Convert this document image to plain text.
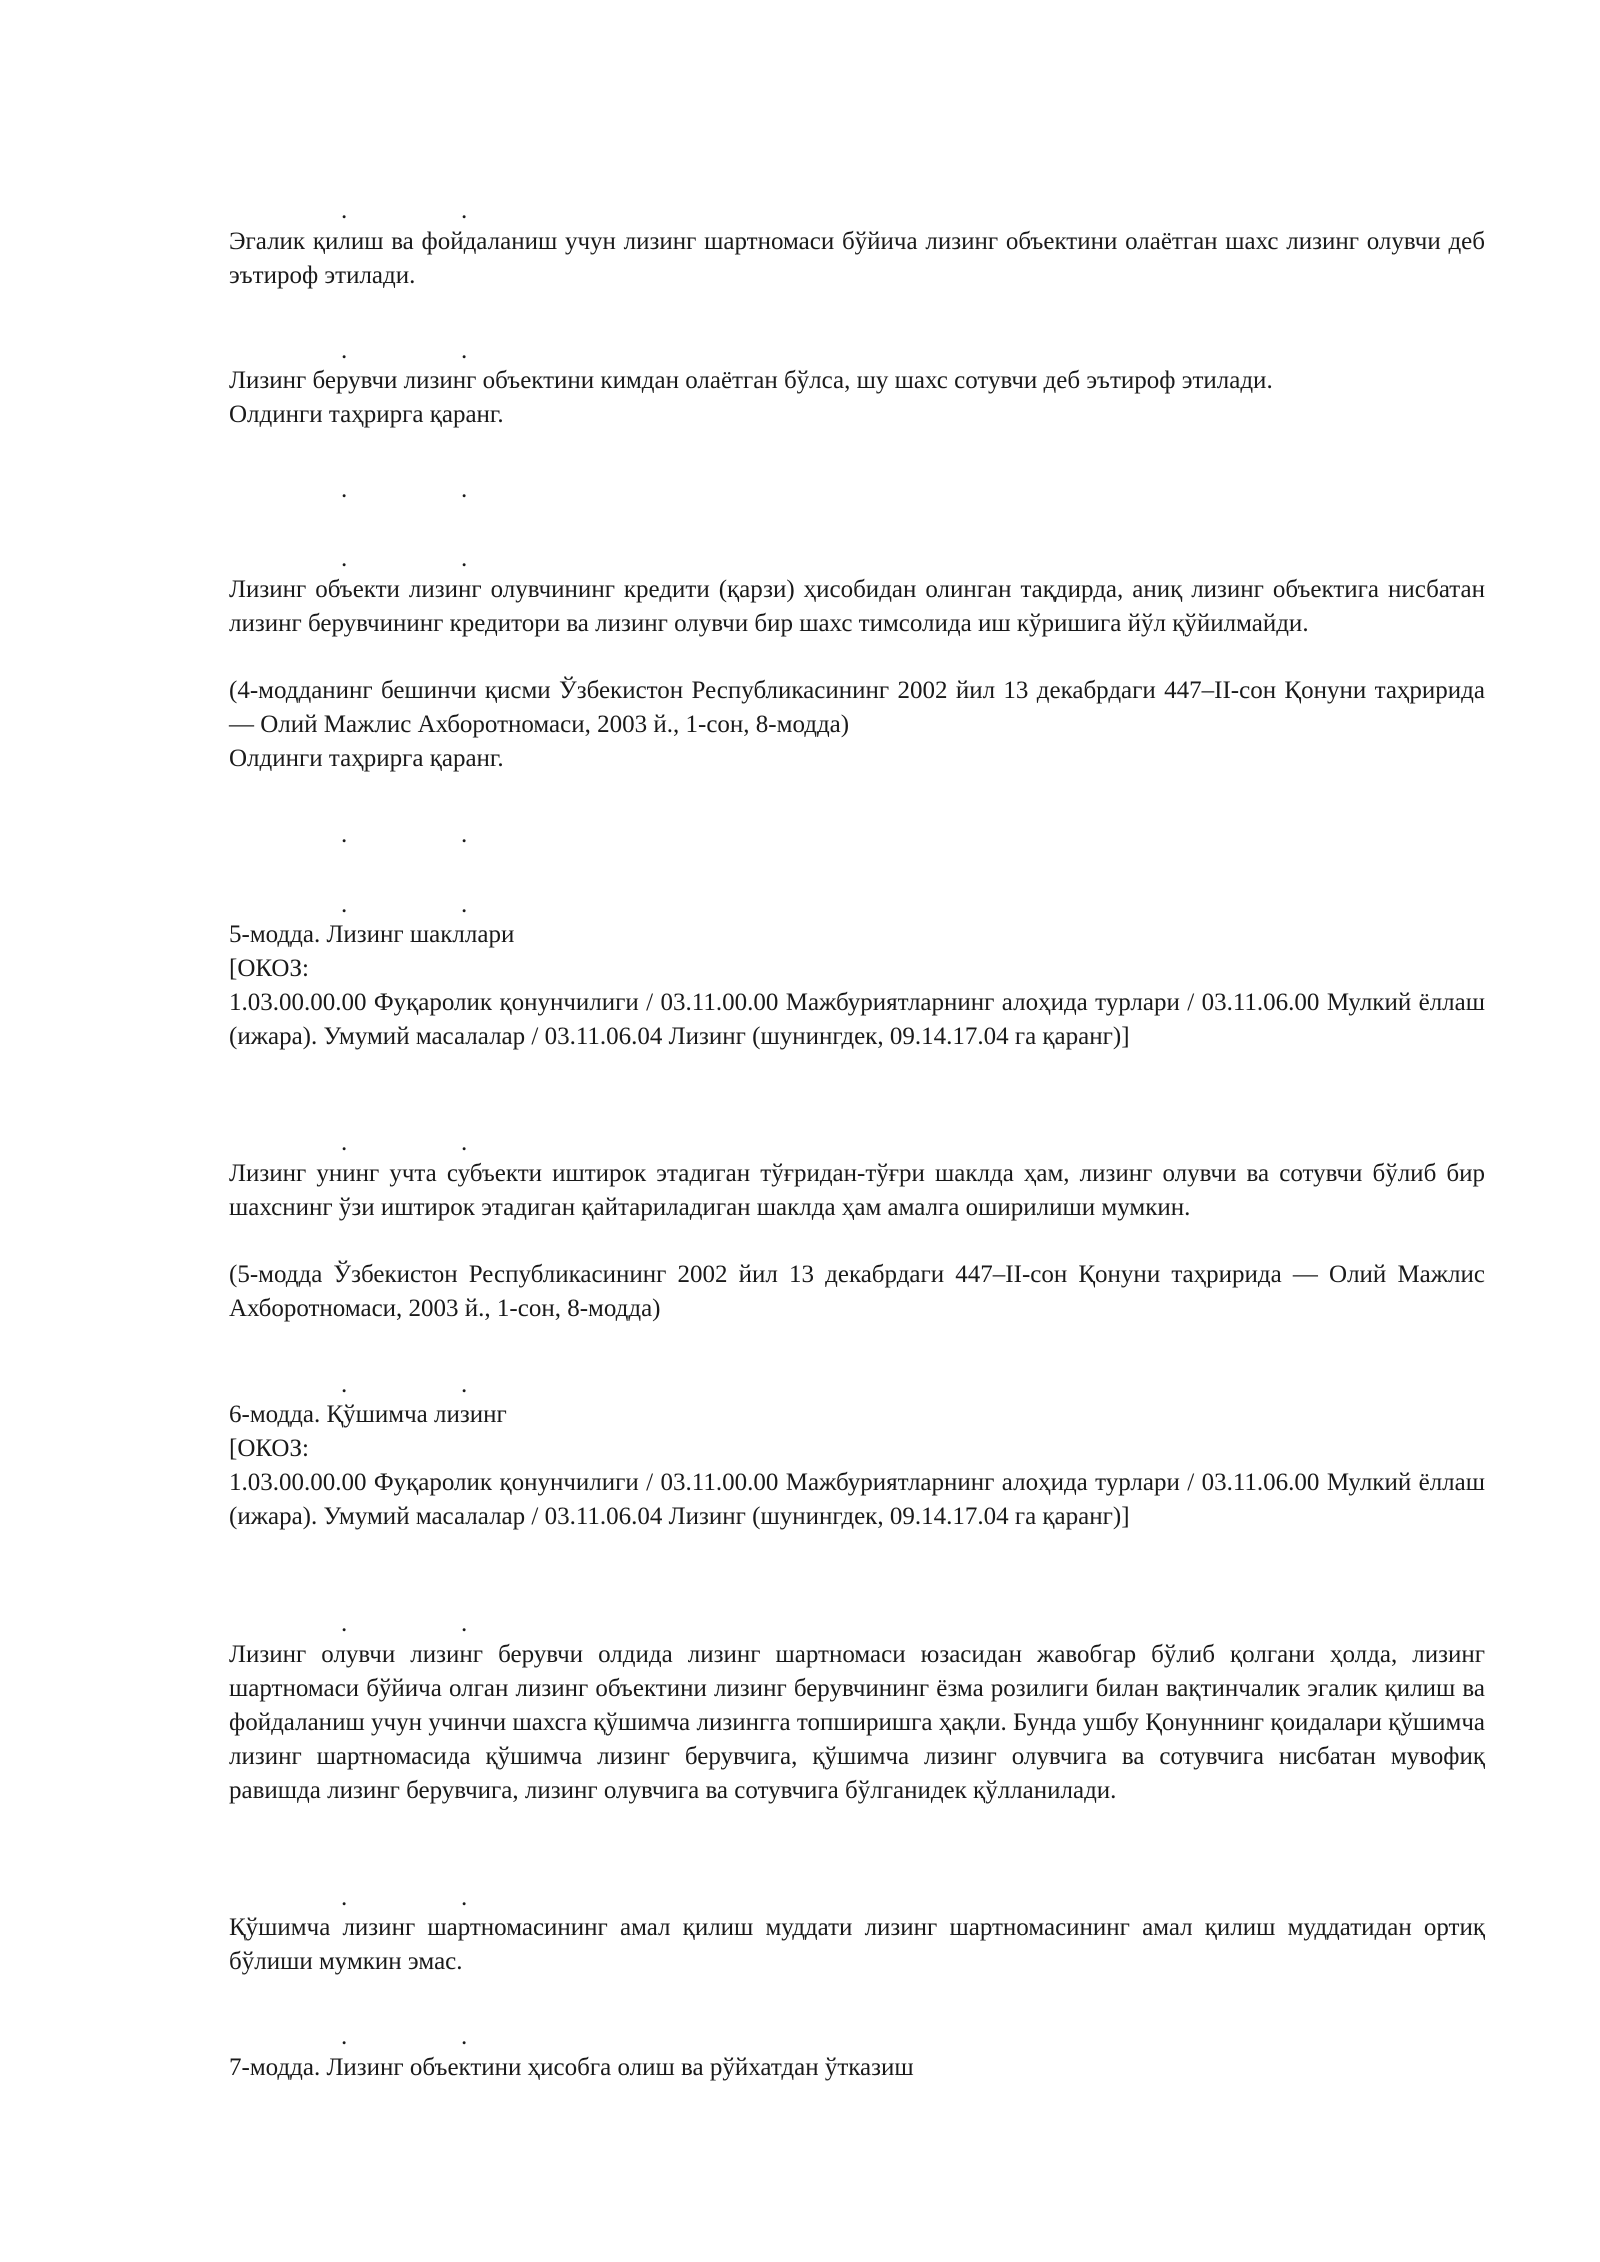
.	.

Эгалик қилиш ва фойдаланиш учун лизинг шартномаси бўйича лизинг объектини олаётган шахс лизинг олувчи деб эътироф этилади.

.	.

Лизинг берувчи лизинг объектини кимдан олаётган бўлса, шу шахс сотувчи деб эътироф этилади.

Олдинги таҳрирга қаранг.

.	.
.	.

Лизинг объекти лизинг олувчининг кредити (қарзи) ҳисобидан олинган тақдирда, аниқ лизинг объектига нисбатан лизинг берувчининг кредитори ва лизинг олувчи бир шахс тимсолида иш кўришига йўл қўйилмайди.

(4-модданинг бешинчи қисми Ўзбекистон Республикасининг 2002 йил 13 декабрдаги 447–II-сон Қонуни таҳририда — Олий Мажлис Ахборотномаси, 2003 й., 1-сон, 8-модда)

Олдинги таҳрирга қаранг.

.	.
.	.

5-модда. Лизинг шакллари

[ОКОЗ:

1.03.00.00.00 Фуқаролик қонунчилиги / 03.11.00.00 Мажбуриятларнинг алоҳида турлари / 03.11.06.00 Мулкий ёллаш (ижара). Умумий масалалар / 03.11.06.04 Лизинг (шунингдек, 09.14.17.04 га қаранг)]

.	.

Лизинг унинг учта субъекти иштирок этадиган тўғридан-тўғри шаклда ҳам, лизинг олувчи ва сотувчи бўлиб бир шахснинг ўзи иштирок этадиган қайтариладиган шаклда ҳам амалга оширилиши мумкин.

(5-модда Ўзбекистон Республикасининг 2002 йил 13 декабрдаги 447–II-сон Қонуни таҳририда — Олий Мажлис Ахборотномаси, 2003 й., 1-сон, 8-модда)

.	.

6-модда. Қўшимча лизинг

[ОКОЗ:

1.03.00.00.00 Фуқаролик қонунчилиги / 03.11.00.00 Мажбуриятларнинг алоҳида турлари / 03.11.06.00 Мулкий ёллаш (ижара). Умумий масалалар / 03.11.06.04 Лизинг (шунингдек, 09.14.17.04 га қаранг)]

.	.

Лизинг олувчи лизинг берувчи олдида лизинг шартномаси юзасидан жавобгар бўлиб қолгани ҳолда, лизинг шартномаси бўйича олган лизинг объектини лизинг берувчининг ёзма розилиги билан вақтинчалик эгалик қилиш ва фойдаланиш учун учинчи шахсга қўшимча лизингга топширишга ҳақли. Бунда ушбу Қонуннинг қоидалари қўшимча лизинг шартномасида қўшимча лизинг берувчига, қўшимча лизинг олувчига ва сотувчига нисбатан мувофиқ равишда лизинг берувчига, лизинг олувчига ва сотувчига бўлганидек қўлланилади.

.	.

Қўшимча лизинг шартномасининг амал қилиш муддати лизинг шартномасининг амал қилиш муддатидан ортиқ бўлиши мумкин эмас.

.	.

7-модда. Лизинг объектини ҳисобга олиш ва рўйхатдан ўтказиш
